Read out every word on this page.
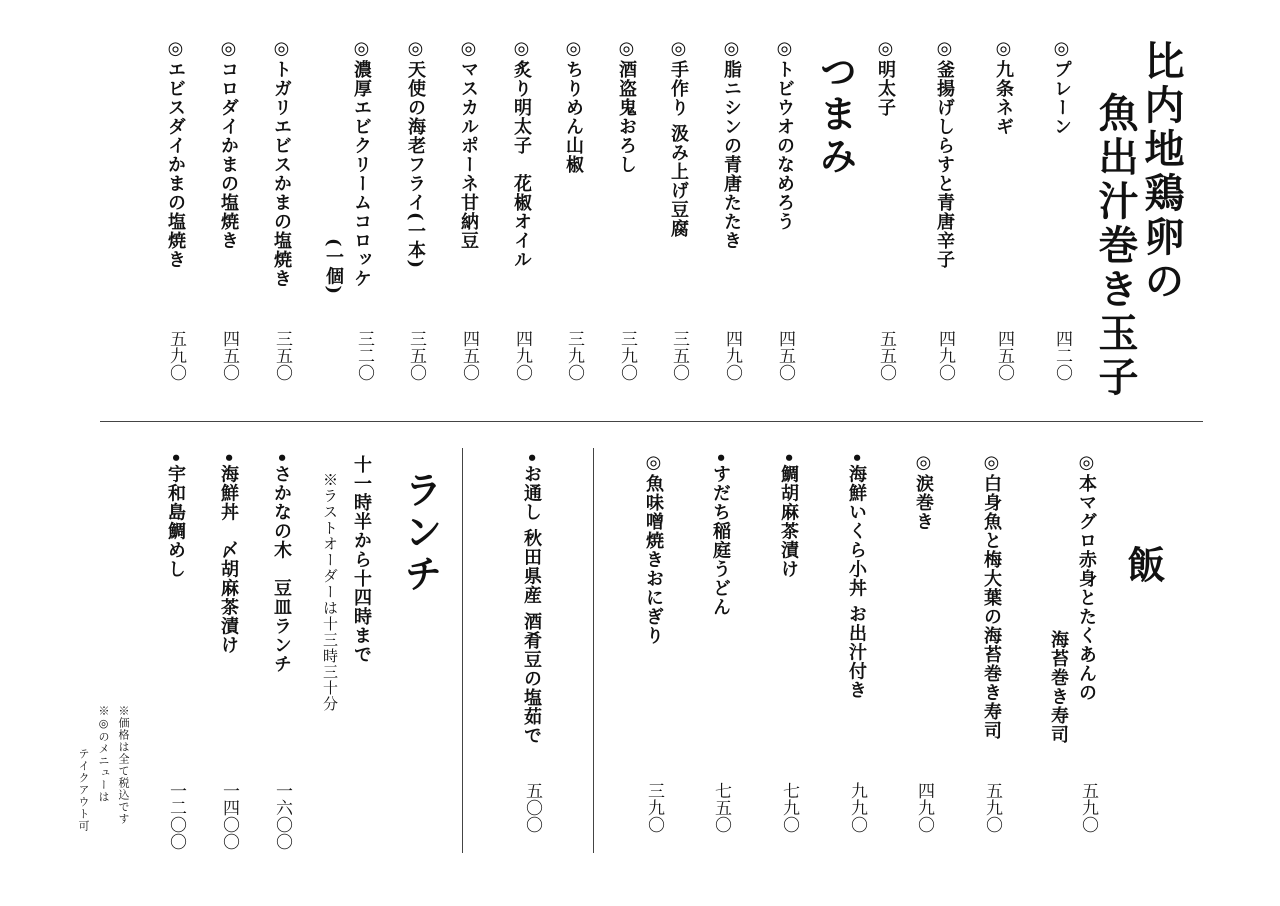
比内地鶏卵の
魚出汁巻き玉子
◎プレーン
四二〇
◎九条ネギ
四五〇
◎釜揚げしらすと青唐辛子
四九〇
◎明太子
五五〇
つまみ
◎トビウオのなめろう
四五〇
◎脂ニシンの青唐たたき
四九〇
◎手作り 汲み上げ豆腐
三五〇
◎酒盗鬼おろし
三九〇
◎ちりめん山椒
三九〇
◎炙り明太子　花椒オイル
四九〇
◎マスカルポーネ甘納豆
四五〇
◎天使の海老フライ(一本)
三五〇
◎濃厚エビクリームコロッケ
(一個)
三二〇
◎トガリエビスかまの塩焼き
三五〇
◎コロダイかまの塩焼き
四五〇
◎エビスダイかまの塩焼き
五九〇
飯
◎本マグロ赤身とたくあんの
海苔巻き寿司
五九〇
◎白身魚と梅大葉の海苔巻き寿司
五九〇
◎涙巻き
四九〇
•海鮮いくら小丼 お出汁付き
九九〇
•鯛胡麻茶漬け
七九〇
•すだち稲庭うどん
七五〇
◎魚味噌焼きおにぎり
三九〇
•お通し 秋田県産 酒肴豆の塩茹で
五〇〇
ランチ
十一時半から十四時まで
※ラストオーダーは十三時三十分
•さかなの木　豆皿ランチ
一六〇〇
•海鮮丼　〆胡麻茶漬け
一四〇〇
•宇和島鯛めし
一二〇〇
※価格は全て税込です
※◎のメニューは
テイクアウト可
